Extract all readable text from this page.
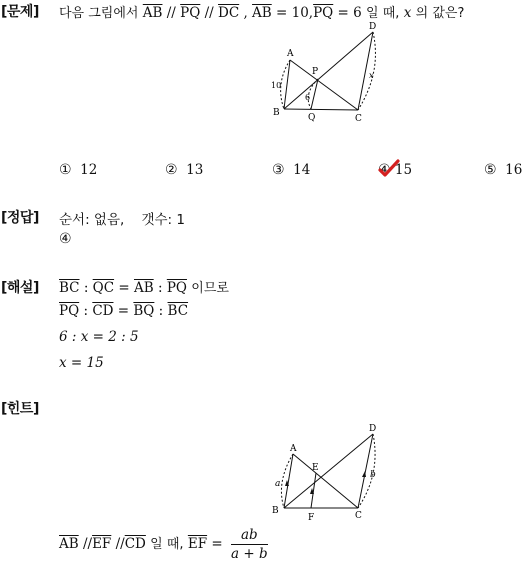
[문제] 다음 그림에서 $\overline{AB} // \overline{PQ} // \overline{DC}$ , $\overline{AB} = 10,\overline{PQ} = 6$ 일 때, x 의 값은?
A
B
C
D
P
Q
10
6
x
① 12	② 13	③ 14	④ 15	⑤ 16
[정답] 순서: 없음, 갯수: 1
④
[해설] $\overline{BC}$ : $\overline{QC} = \overline{AB}$ : $\overline{PQ}$ 이므로
$\overline{PQ}$ : $\overline{CD} = \overline{BQ}$ : $\overline{BC}$
6 : x = 2 : 5
x = 15
[힌트]
A
B	C
D
E
F
a
b
$\overline{AB}$ $//\overline{EF}$ $//\overline{CD}$ 일 때, $\overline{EF} = \frac{ab}{a + b}$
